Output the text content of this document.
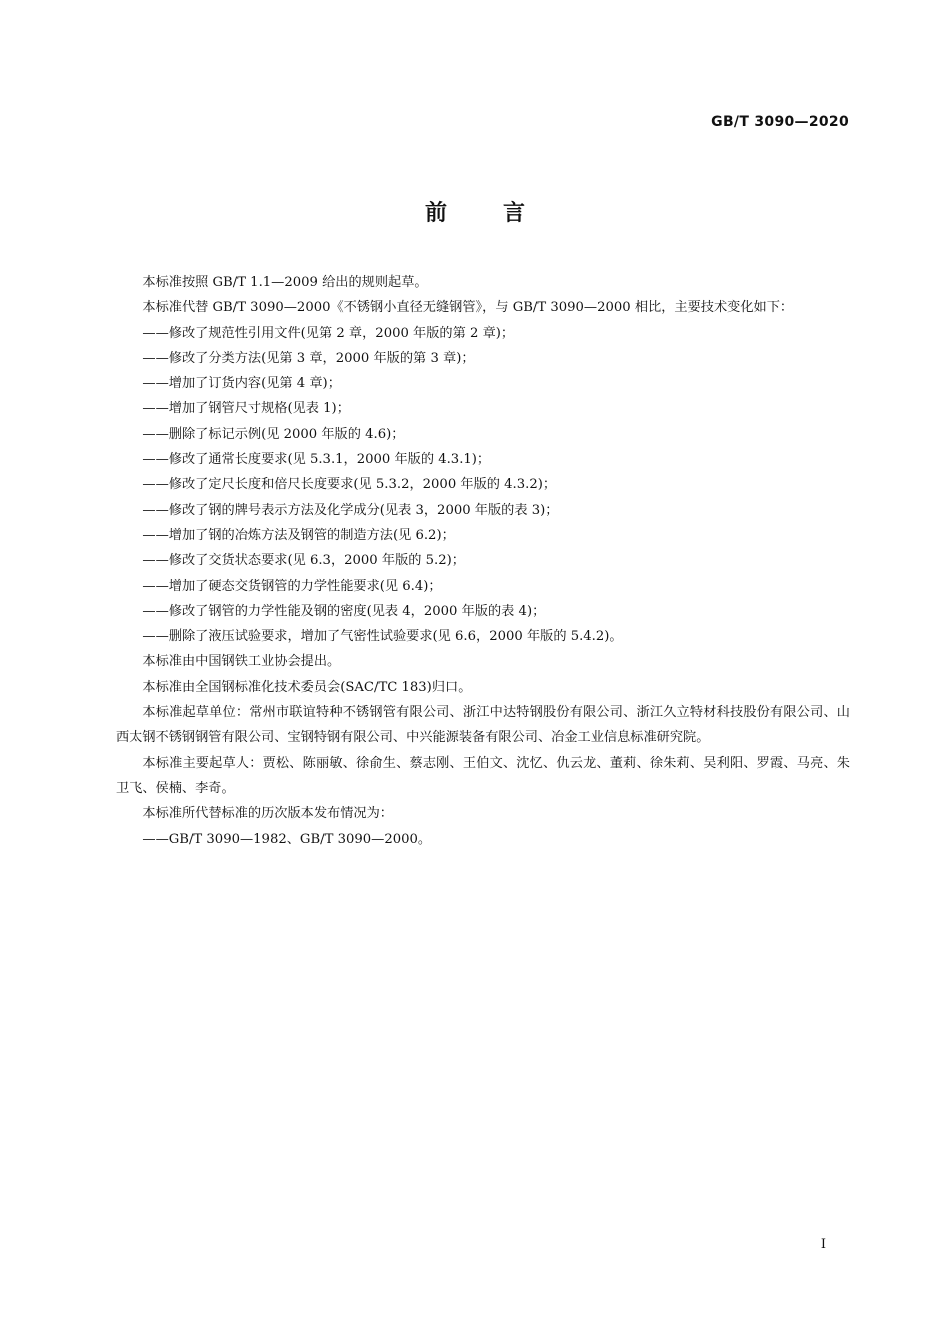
GB/T 3090—2020
前言

本标准按照 GB/T 1.1—2009 给出的规则起草。

本标准代替 GB/T 3090—2000《不锈钢小直径无缝钢管》，与 GB/T 3090—2000 相比，主要技术变化如下：

——修改了规范性引用文件(见第 2 章，2000 年版的第 2 章)；
——修改了分类方法(见第 3 章，2000 年版的第 3 章)；
——增加了订货内容(见第 4 章)；
——增加了钢管尺寸规格(见表 1)；
——删除了标记示例(见 2000 年版的 4.6)；
——修改了通常长度要求(见 5.3.1，2000 年版的 4.3.1)；
——修改了定尺长度和倍尺长度要求(见 5.3.2，2000 年版的 4.3.2)；
——修改了钢的牌号表示方法及化学成分(见表 3，2000 年版的表 3)；
——增加了钢的冶炼方法及钢管的制造方法(见 6.2)；
——修改了交货状态要求(见 6.3，2000 年版的 5.2)；
——增加了硬态交货钢管的力学性能要求(见 6.4)；
——修改了钢管的力学性能及钢的密度(见表 4，2000 年版的表 4)；
——删除了液压试验要求，增加了气密性试验要求(见 6.6，2000 年版的 5.4.2)。

本标准由中国钢铁工业协会提出。

本标准由全国钢标准化技术委员会(SAC/TC 183)归口。

本标准起草单位：常州市联谊特种不锈钢管有限公司、浙江中达特钢股份有限公司、浙江久立特材科技股份有限公司、山西太钢不锈钢钢管有限公司、宝钢特钢有限公司、中兴能源装备有限公司、冶金工业信息标准研究院。

本标准主要起草人：贾松、陈丽敏、徐俞生、蔡志刚、王伯文、沈忆、仇云龙、董莉、徐朱莉、吴利阳、罗霞、马亮、朱卫飞、侯楠、李奇。

本标准所代替标准的历次版本发布情况为：

——GB/T 3090—1982、GB/T 3090—2000。
I
